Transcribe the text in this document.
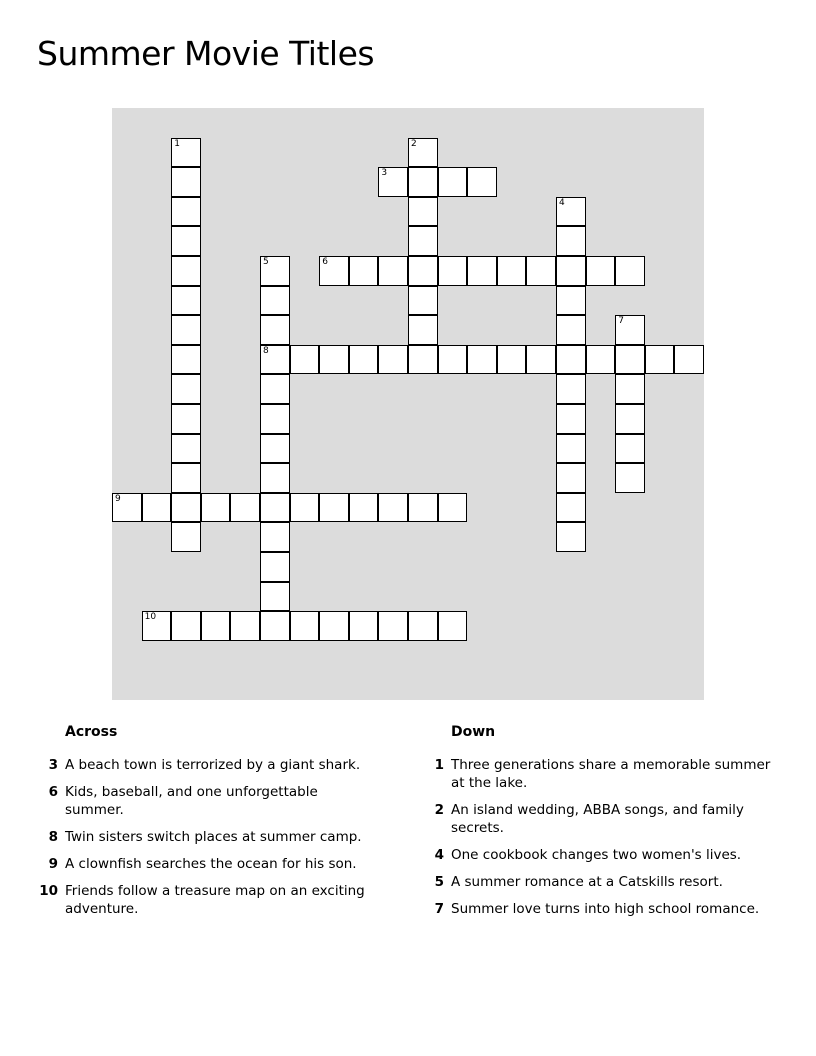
Summer Movie Titles
3
6
8
9
10
1	2
4
5
7
Across
3 A beach town is terrorized by a giant shark.
6 Kids, baseball, and one unforgettable summer.
8 Twin sisters switch places at summer camp.
9 A clownfish searches the ocean for his son.
10 Friends follow a treasure map on an exciting adventure.
Down
1 Three generations share a memorable summer at the lake.
2 An island wedding, ABBA songs, and family secrets.
4 One cookbook changes two women's lives.
5 A summer romance at a Catskills resort.
7 Summer love turns into high school romance.
